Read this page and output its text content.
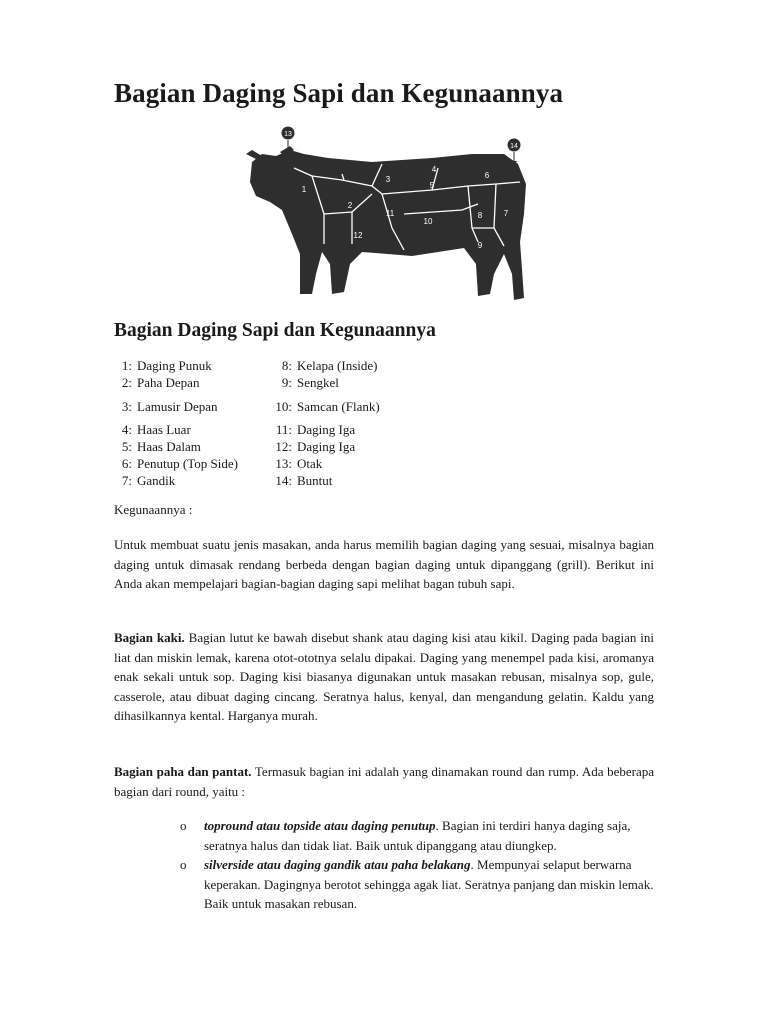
Bagian Daging Sapi dan Kegunaannya
1
2
3
4
5
6
7
8
9
10
11
12
13
14
Bagian Daging Sapi dan Kegunaannya
1:	Daging Punuk	8:	Kelapa (Inside)
2:	Paha Depan	9:	Sengkel
3:	Lamusir Depan	10:	Samcan (Flank)
4:	Haas Luar	11:	Daging Iga
5:	Haas Dalam	12:	Daging Iga
6:	Penutup (Top Side)	13:	Otak
7:	Gandik	14:	Buntut

Kegunaannya :

Untuk membuat suatu jenis masakan, anda harus memilih bagian daging yang sesuai, misalnya bagian daging untuk dimasak rendang berbeda dengan bagian daging untuk dipanggang (grill). Berikut ini Anda akan mempelajari bagian-bagian daging sapi melihat bagan tubuh sapi.

Bagian kaki. Bagian lutut ke bawah disebut shank atau daging kisi atau kikil. Daging pada bagian ini liat dan miskin lemak, karena otot-ototnya selalu dipakai. Daging yang menempel pada kisi, aromanya enak sekali untuk sop. Daging kisi biasanya digunakan untuk masakan rebusan, misalnya sop, gule, casserole, atau dibuat daging cincang. Seratnya halus, kenyal, dan mengandung gelatin. Kaldu yang dihasilkannya kental. Harganya murah.

Bagian paha dan pantat. Termasuk bagian ini adalah yang dinamakan round dan rump. Ada beberapa bagian dari round, yaitu :

o topround atau topside atau daging penutup. Bagian ini terdiri hanya daging saja, seratnya halus dan tidak liat. Baik untuk dipanggang atau diungkep.
o silverside atau daging gandik atau paha belakang. Mempunyai selaput berwarna keperakan. Dagingnya berotot sehingga agak liat. Seratnya panjang dan miskin lemak. Baik untuk masakan rebusan.
